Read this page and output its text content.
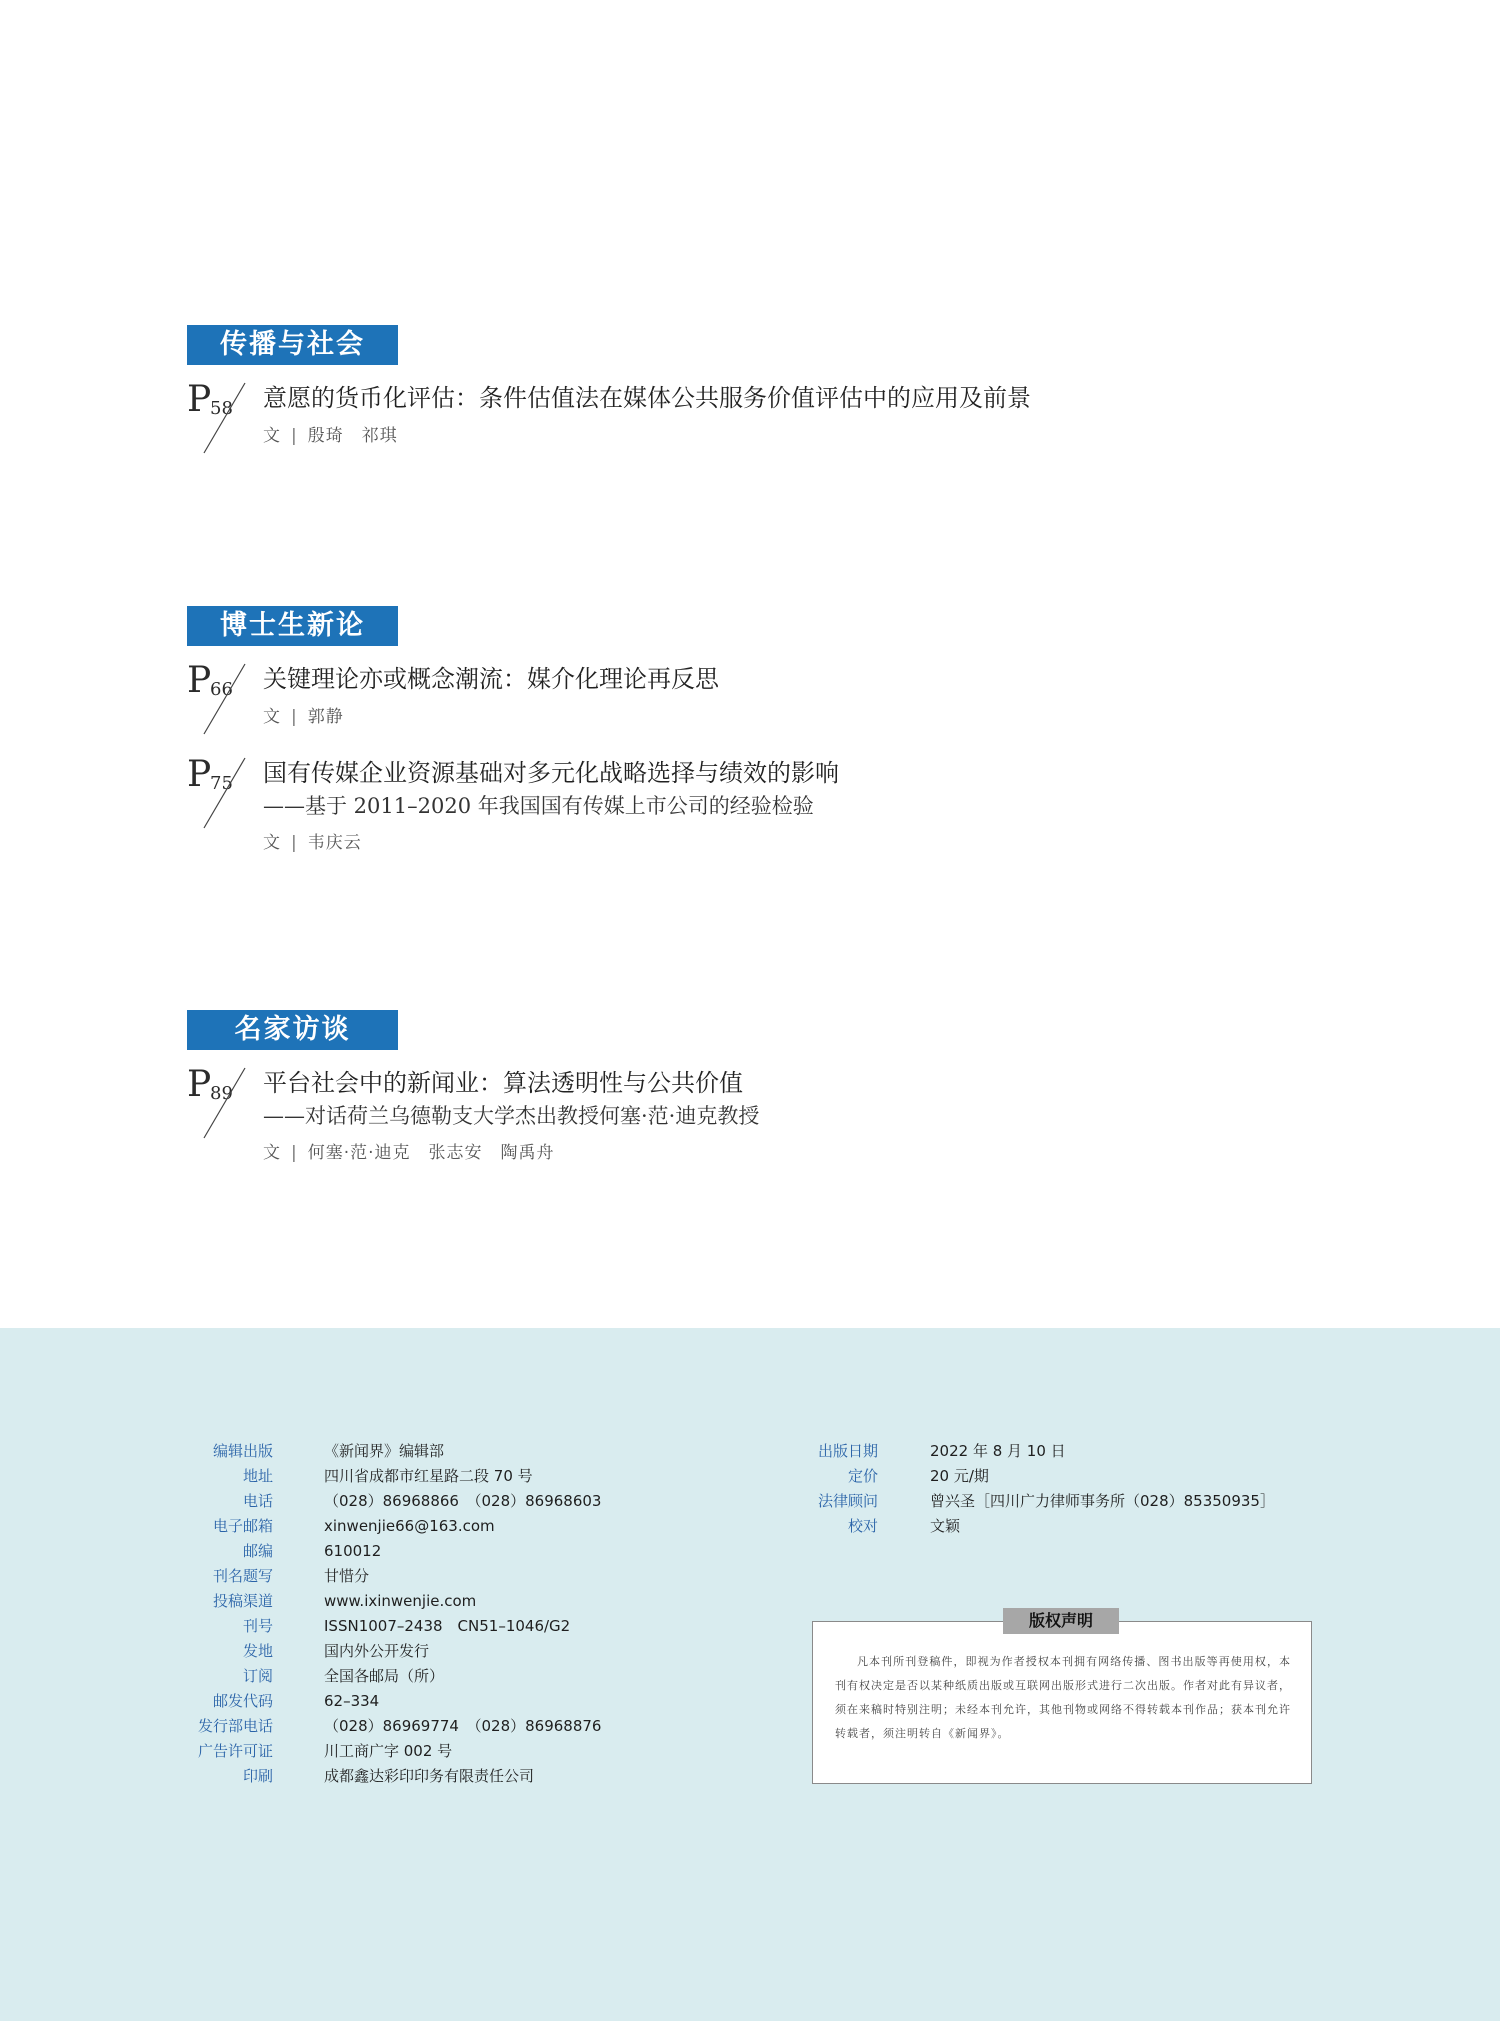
传播与社会
P
58 意愿的货币化评估：条件估值法在媒体公共服务价值评估中的应用及前景
文 | 殷琦　祁琪
博士生新论
P
66 关键理论亦或概念潮流：媒介化理论再反思
文 | 郭静
P
75 国有传媒企业资源基础对多元化战略选择与绩效的影响
——基于 2011–2020 年我国国有传媒上市公司的经验检验
文 | 韦庆云
名家访谈
P
89 平台社会中的新闻业：算法透明性与公共价值
——对话荷兰乌德勒支大学杰出教授何塞·范·迪克教授
文 | 何塞·范·迪克　张志安　陶禹舟
编辑出版	《新闻界》编辑部
地址	四川省成都市红星路二段 70 号
电话	（028）86968866　（028）86968603
电子邮箱	xinwenjie66@163.com
邮编	610012
刊名题写	甘惜分
投稿渠道	www.ixinwenjie.com
刊号	ISSN1007–2438　CN51–1046/G2
发地	国内外公开发行
订阅	全国各邮局（所）
邮发代码	62–334
发行部电话	（028）86969774　（028）86968876
广告许可证	川工商广字 002 号
印刷	成都鑫达彩印印务有限责任公司
出版日期	2022 年 8 月 10 日
定价	20 元/期
法律顾问	曾兴圣［四川广力律师事务所（028）85350935］
校对	文颖
版权声明
凡本刊所刊登稿件，即视为作者授权本刊拥有网络传播、图书出版等再使用权，本刊有权决定是否以某种纸质出版或互联网出版形式进行二次出版。作者对此有异议者，须在来稿时特别注明；未经本刊允许，其他刊物或网络不得转载本刊作品；获本刊允许转载者，须注明转自《新闻界》。
